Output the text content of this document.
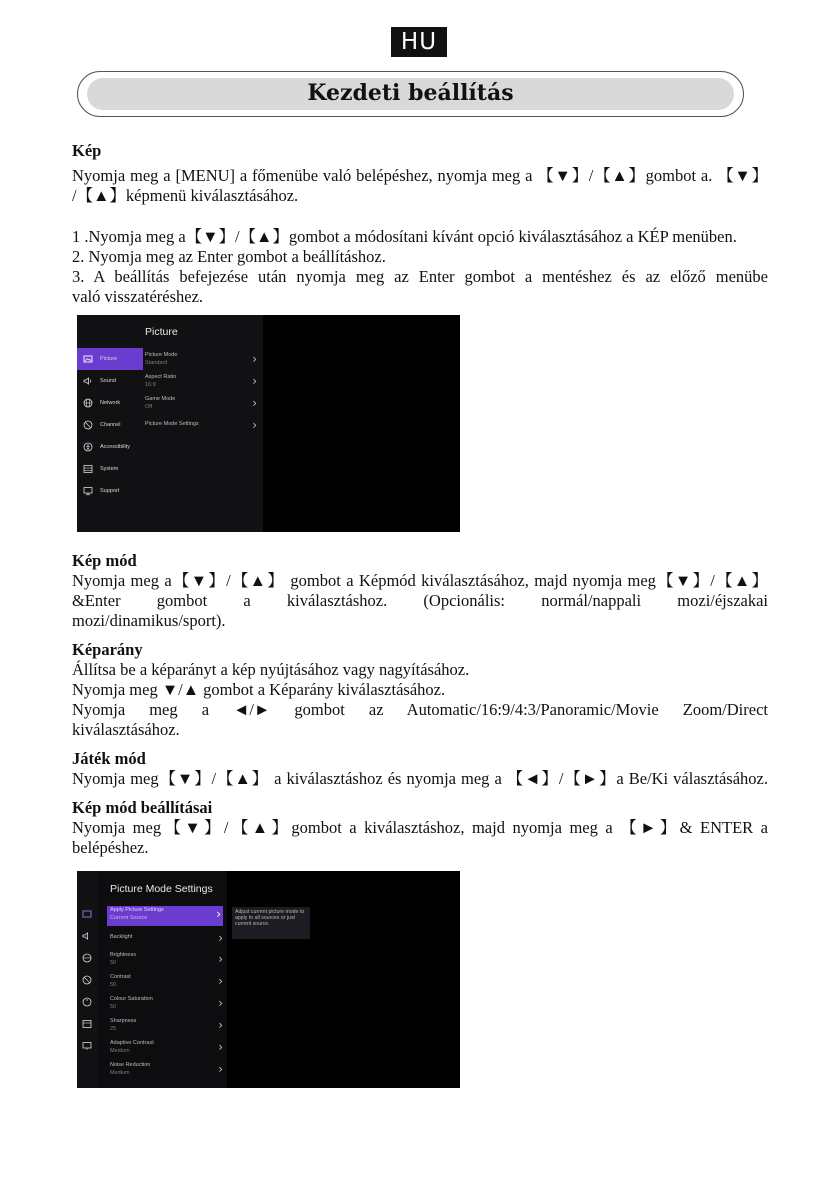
HU
Kezdeti beállítás

Kép

Nyomja meg a [MENU] a főmenübe való belépéshez, nyomja meg a 【▼】/【▲】gombot a. 【▼】

/【▲】képmenü kiválasztásához.

1 .Nyomja meg a【▼】/【▲】gombot a módosítani kívánt opció kiválasztásához a KÉP menüben.

2. Nyomja meg az Enter gombot a beállításhoz.

3. A beállítás befejezése után nyomja meg az Enter gombot a mentéshez és az előző menübe

való visszatéréshez.

Picture
Picture
Sound
Network
Channel
Accessibility
System
Support
Picture Mode
Standard	›
Aspect Ratio
16:9	›
Game Mode
Off	›
Picture Mode Settings	›

Kép mód

Nyomja meg a【▼】/【▲】 gombot a Képmód kiválasztásához, majd nyomja meg【▼】/【▲】

&Enter gombot a kiválasztáshoz. (Opcionális: normál/nappali mozi/éjszakai

mozi/dinamikus/sport).

Képarány

Állítsa be a képarányt a kép nyújtásához vagy nagyításához.

Nyomja meg ▼/▲ gombot a Képarány kiválasztásához.

Nyomja meg a ◄/► gombot az Automatic/16:9/4:3/Panoramic/Movie Zoom/Direct

kiválasztásához.

Játék mód

Nyomja meg【▼】/【▲】 a kiválasztáshoz és nyomja meg a 【◄】/【►】a Be/Ki választásához.

Kép mód beállításai

Nyomja meg【▼】/【▲】gombot a kiválasztáshoz, majd nyomja meg a 【►】& ENTER a

belépéshez.

Picture Mode Settings
Apply Picture Settings
Current Source	›
Backlight	›
Brightness
50	›
Contrast
50	›
Colour Saturation
50	›
Sharpness
25	›
Adaptive Contrast
Medium	›
Noise Reduction
Medium	›
Adjust current picture mode to apply to all sources or just current source.
